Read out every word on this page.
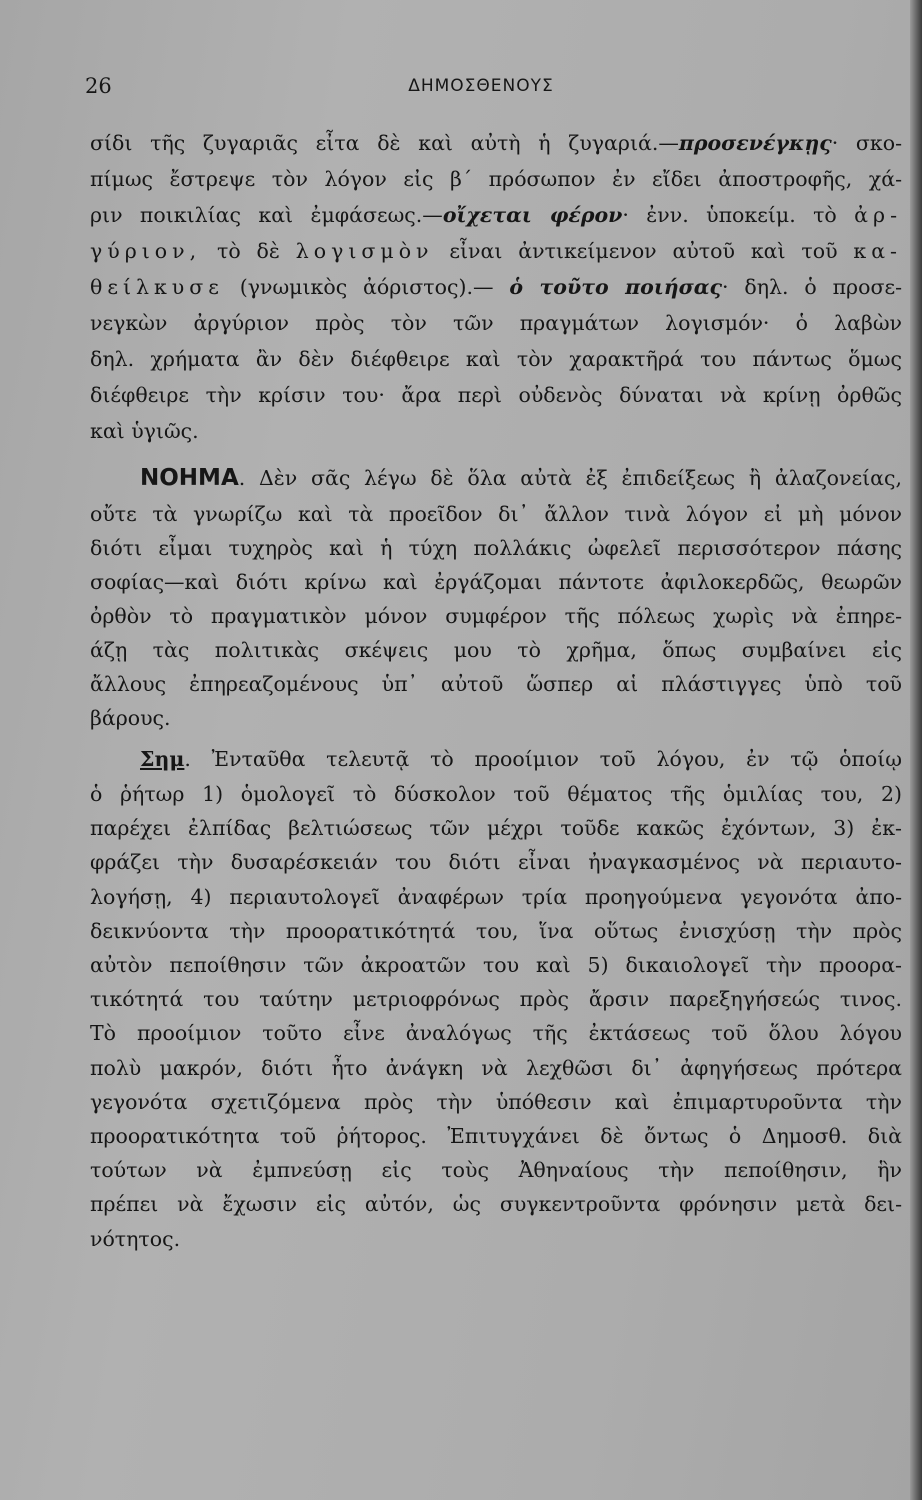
26	ΔΗΜΟΣΘΕΝΟΥΣ

σίδι τῆς ζυγαριᾶς εἶτα δὲ καὶ αὐτὴ ἡ ζυγαριά.—προσενέγκῃς· σκο-

πίμως ἔστρεψε τὸν λόγον εἰς β΄ πρόσωπον ἐν εἴδει ἀποστροφῆς, χά-

ριν ποικιλίας καὶ ἐμφάσεως.—οἴχεται φέρον· ἐνν. ὑποκείμ. τὸ ἀρ-

γύριον, τὸ δὲ λογισμὸν εἶναι ἀντικείμενον αὐτοῦ καὶ τοῦ κα-

θείλκυσε (γνωμικὸς ἀόριστος).— ὁ τοῦτο ποιήσας· δηλ. ὁ προσε-

νεγκὼν ἀργύριον πρὸς τὸν τῶν πραγμάτων λογισμόν· ὁ λαβὼν

δηλ. χρήματα ἂν δὲν διέφθειρε καὶ τὸν χαρακτῆρά του πάντως ὅμως

διέφθειρε τὴν κρίσιν του· ἄρα περὶ οὐδενὸς δύναται νὰ κρίνῃ ὀρθῶς

καὶ ὑγιῶς.

ΝΟΗΜΑ. Δὲν σᾶς λέγω δὲ ὅλα αὐτὰ ἐξ ἐπιδείξεως ἢ ἀλαζονείας,

οὔτε τὰ γνωρίζω καὶ τὰ προεῖδον δι᾿ ἄλλον τινὰ λόγον εἰ μὴ μόνον

διότι εἶμαι τυχηρὸς καὶ ἡ τύχη πολλάκις ὠφελεῖ περισσότερον πάσης

σοφίας—καὶ διότι κρίνω καὶ ἐργάζομαι πάντοτε ἀφιλοκερδῶς, θεωρῶν

ὀρθὸν τὸ πραγματικὸν μόνον συμφέρον τῆς πόλεως χωρὶς νὰ ἐπηρε-

άζῃ τὰς πολιτικὰς σκέψεις μου τὸ χρῆμα, ὅπως συμβαίνει εἰς

ἄλλους ἐπηρεαζομένους ὑπ᾿ αὐτοῦ ὥσπερ αἱ πλάστιγγες ὑπὸ τοῦ

βάρους.

Σημ. Ἐνταῦθα τελευτᾷ τὸ προοίμιον τοῦ λόγου, ἐν τῷ ὁποίῳ

ὁ ῥήτωρ 1) ὁμολογεῖ τὸ δύσκολον τοῦ θέματος τῆς ὁμιλίας του, 2)

παρέχει ἐλπίδας βελτιώσεως τῶν μέχρι τοῦδε κακῶς ἐχόντων, 3) ἐκ-

φράζει τὴν δυσαρέσκειάν του διότι εἶναι ἠναγκασμένος νὰ περιαυτο-

λογήσῃ, 4) περιαυτολογεῖ ἀναφέρων τρία προηγούμενα γεγονότα ἀπο-

δεικνύοντα τὴν προορατικότητά του, ἵνα οὕτως ἐνισχύσῃ τὴν πρὸς

αὐτὸν πεποίθησιν τῶν ἀκροατῶν του καὶ 5) δικαιολογεῖ τὴν προορα-

τικότητά του ταύτην μετριοφρόνως πρὸς ἄρσιν παρεξηγήσεώς τινος.

Τὸ προοίμιον τοῦτο εἶνε ἀναλόγως τῆς ἐκτάσεως τοῦ ὅλου λόγου

πολὺ μακρόν, διότι ἦτο ἀνάγκη νὰ λεχθῶσι δι᾿ ἀφηγήσεως πρότερα

γεγονότα σχετιζόμενα πρὸς τὴν ὑπόθεσιν καὶ ἐπιμαρτυροῦντα τὴν

προορατικότητα τοῦ ῥήτορος. Ἐπιτυγχάνει δὲ ὄντως ὁ Δημοσθ. διὰ

τούτων νὰ ἐμπνεύσῃ εἰς τοὺς Ἀθηναίους τὴν πεποίθησιν, ἣν

πρέπει νὰ ἔχωσιν εἰς αὐτόν, ὡς συγκεντροῦντα φρόνησιν μετὰ δει-

νότητος.
